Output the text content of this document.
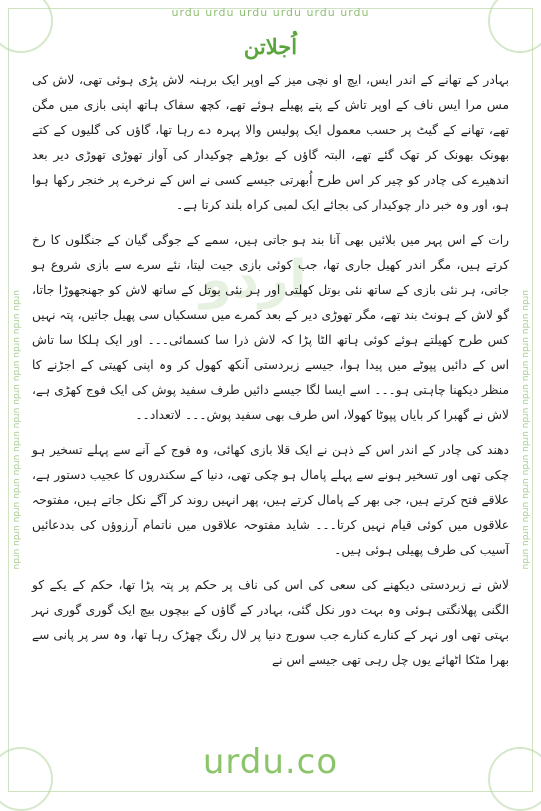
urdu urdu urdu urdu urdu urdu
urdu urdu urdu urdu urdu urdu urdu urdu urdu urdu urdu urdu	urdu urdu urdu urdu urdu urdu urdu urdu urdu urdu urdu urdu
اُجلاتن
اردو

بہادر کے تھانے کے اندر ایس، ایچ او نچی میز کے اوپر ایک برہنہ لاش پڑی ہوئی تھی، لاش کی مس مرا ایس ناف کے اوپر تاش کے پتے پھیلے ہوئے تھے، کچھ سفاک ہاتھ اپنی بازی میں مگن تھے، تھانے کے گیٹ پر حسب معمول ایک پولیس والا پہرہ دے رہا تھا، گاؤں کی گلیوں کے کتے بھونک بھونک کر تھک گئے تھے، البتہ گاؤں کے بوڑھے چوکیدار کی آواز تھوڑی تھوڑی دیر بعد اندھیرے کی چادر کو چیر کر اس طرح اُبھرتی جیسے کسی نے اس کے نرخرے پر خنجر رکھا ہوا ہو، اور وہ خبر دار چوکیدار کی بجائے ایک لمبی کراہ بلند کرتا ہے۔

رات کے اس پہر میں بلائیں بھی آنا بند ہو جاتی ہیں، سمے کے جوگی گیان کے جنگلوں کا رخ کرتے ہیں، مگر اندر کھیل جاری تھا، جب کوئی بازی جیت لیتا، نئے سرے سے بازی شروع ہو جاتی، ہر نئی بازی کے ساتھ نئی بوتل کھلتی اور ہر نئی بوتل کے ساتھ لاش کو جھنجھوڑا جاتا، گو لاش کے ہونٹ بند تھے، مگر تھوڑی دیر کے بعد کمرے میں سسکیاں سی پھیل جاتیں، پتہ نہیں کس طرح کھیلتے ہوئے کوئی ہاتھ الٹا پڑا کہ لاش ذرا سا کسمائی۔۔۔ اور ایک ہلکا سا تاش اس کے دائیں پپوٹے میں پیدا ہوا، جیسے زبردستی آنکھ کھول کر وہ اپنی کھیتی کے اجڑنے کا منظر دیکھنا چاہتی ہو۔۔۔ اسے ایسا لگا جیسے دائیں طرف سفید پوش کی ایک فوج کھڑی ہے، لاش نے گھبرا کر بایاں پپوٹا کھولا، اس طرف بھی سفید پوش۔۔۔ لاتعداد۔۔

دھند کی چادر کے اندر اس کے ذہن نے ایک قلا بازی کھائی، وہ فوج کے آنے سے پہلے تسخیر ہو چکی تھی اور تسخیر ہونے سے پہلے پامال ہو چکی تھی، دنیا کے سکندروں کا عجیب دستور ہے، علاقے فتح کرتے ہیں، جی بھر کے پامال کرتے ہیں، پھر انہیں روند کر آگے نکل جاتے ہیں، مفتوحہ علاقوں میں کوئی قیام نہیں کرتا۔۔۔ شاید مفتوحہ علاقوں میں ناتمام آرزوؤں کی بددعائیں آسیب کی طرف پھیلی ہوئی ہیں۔

لاش نے زبردستی دیکھنے کی سعی کی اس کی ناف پر حکم پر پتہ پڑا تھا، حکم کے یکے کو الگنی پھلانگتی ہوئی وہ بہت دور نکل گئی، بہادر کے گاؤں کے بیچوں بیچ ایک گوری گوری نہر بہتی تھی اور نہر کے کنارے کنارے جب سورج دنیا پر لال رنگ چھڑک رہا تھا، وہ سر پر پانی سے بھرا مٹکا اٹھائے یوں چل رہی تھی جیسے اس نے

urdu.co
